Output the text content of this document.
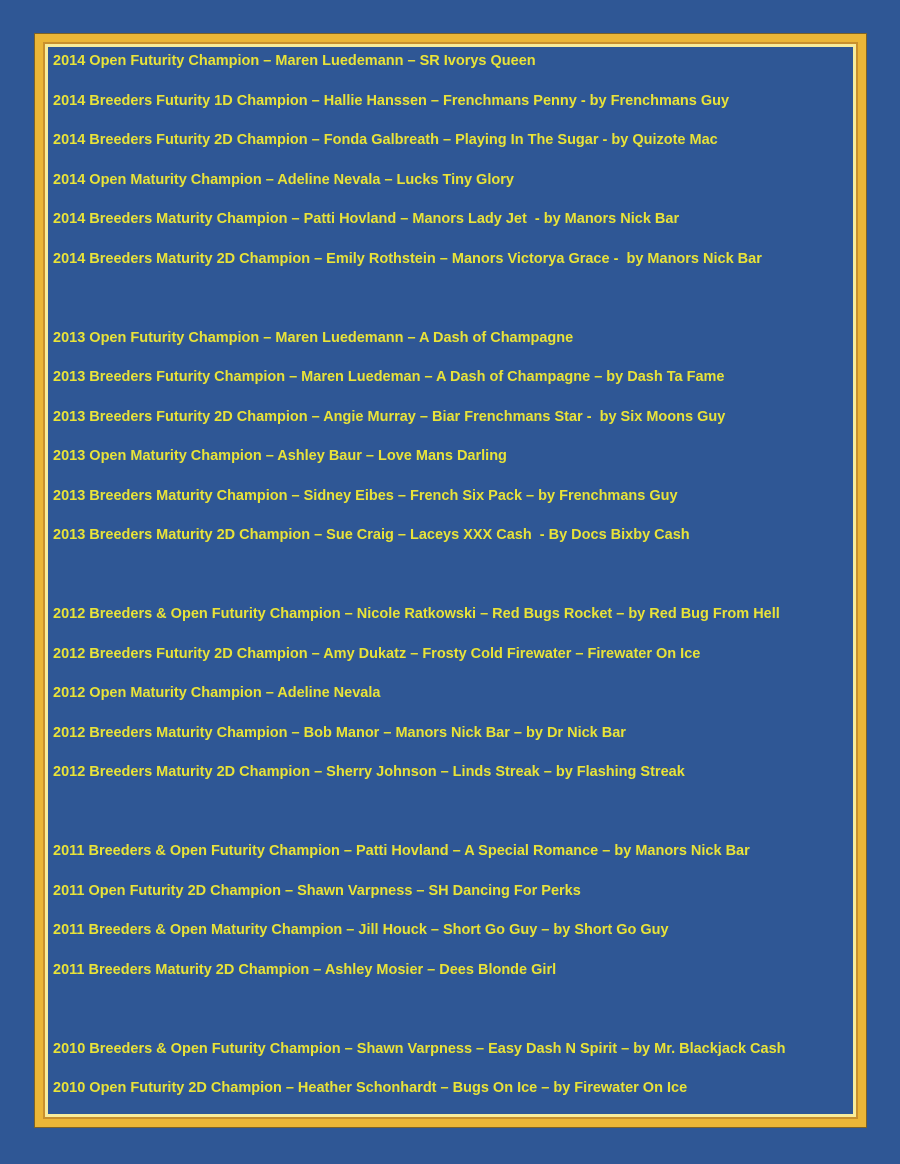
2014 Open Futurity Champion – Maren Luedemann – SR Ivorys Queen
2014 Breeders Futurity 1D Champion – Hallie Hanssen – Frenchmans Penny - by Frenchmans Guy
2014 Breeders Futurity 2D Champion – Fonda Galbreath – Playing In The Sugar - by Quizote Mac
2014 Open Maturity Champion – Adeline Nevala – Lucks Tiny Glory
2014 Breeders Maturity Champion – Patti Hovland – Manors Lady Jet  - by Manors Nick Bar
2014 Breeders Maturity 2D Champion – Emily Rothstein – Manors Victorya Grace -  by Manors Nick Bar
2013 Open Futurity Champion – Maren Luedemann – A Dash of Champagne
2013 Breeders Futurity Champion – Maren Luedeman – A Dash of Champagne – by Dash Ta Fame
2013 Breeders Futurity 2D Champion – Angie Murray – Biar Frenchmans Star -  by Six Moons Guy
2013 Open Maturity Champion – Ashley Baur – Love Mans Darling
2013 Breeders Maturity Champion – Sidney Eibes – French Six Pack – by Frenchmans Guy
2013 Breeders Maturity 2D Champion – Sue Craig – Laceys XXX Cash  - By Docs Bixby Cash
2012 Breeders & Open Futurity Champion – Nicole Ratkowski – Red Bugs Rocket – by Red Bug From Hell
2012 Breeders Futurity 2D Champion – Amy Dukatz – Frosty Cold Firewater – Firewater On Ice
2012 Open Maturity Champion – Adeline Nevala
2012 Breeders Maturity Champion – Bob Manor – Manors Nick Bar – by Dr Nick Bar
2012 Breeders Maturity 2D Champion – Sherry Johnson – Linds Streak – by Flashing Streak
2011 Breeders & Open Futurity Champion – Patti Hovland – A Special Romance – by Manors Nick Bar
2011 Open Futurity 2D Champion – Shawn Varpness – SH Dancing For Perks
2011 Breeders & Open Maturity Champion – Jill Houck – Short Go Guy – by Short Go Guy
2011 Breeders Maturity 2D Champion – Ashley Mosier – Dees Blonde Girl
2010 Breeders & Open Futurity Champion – Shawn Varpness – Easy Dash N Spirit – by Mr. Blackjack Cash
2010 Open Futurity 2D Champion – Heather Schonhardt – Bugs On Ice – by Firewater On Ice
